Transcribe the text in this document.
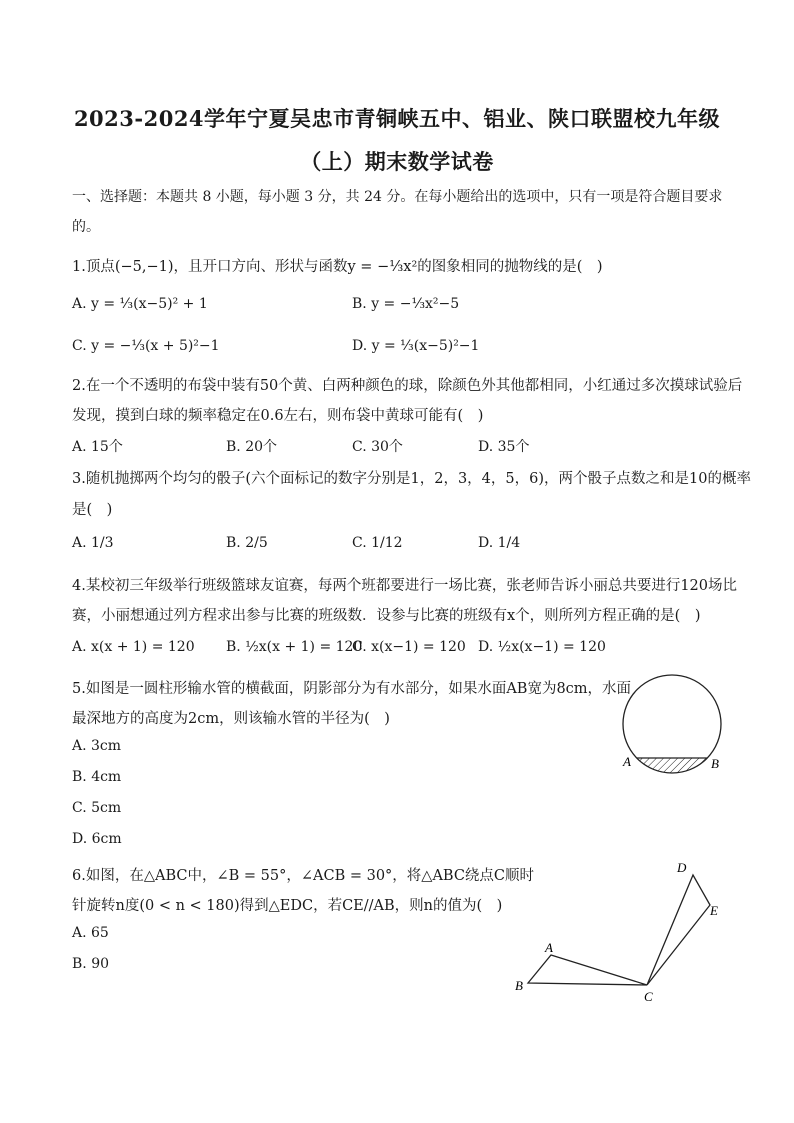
2023-2024学年宁夏吴忠市青铜峡五中、铝业、陕口联盟校九年级
（上）期末数学试卷
一、选择题：本题共 8 小题，每小题 3 分，共 24 分。在每小题给出的选项中，只有一项是符合题目要求
的。
1.顶点(−5,−1)，且开口方向、形状与函数y = −⅓x²的图象相同的抛物线的是(　)
A. y = ⅓(x−5)² + 1	B. y = −⅓x²−5
C. y = −⅓(x + 5)²−1	D. y = ⅓(x−5)²−1
2.在一个不透明的布袋中装有50个黄、白两种颜色的球，除颜色外其他都相同，小红通过多次摸球试验后
发现，摸到白球的频率稳定在0.6左右，则布袋中黄球可能有(　)
A. 15个	B. 20个	C. 30个	D. 35个
3.随机抛掷两个均匀的骰子(六个面标记的数字分别是1，2，3，4，5，6)，两个骰子点数之和是10的概率
是(　)
A. 1/3	B. 2/5	C. 1/12	D. 1/4
4.某校初三年级举行班级篮球友谊赛，每两个班都要进行一场比赛，张老师告诉小丽总共要进行120场比
赛，小丽想通过列方程求出参与比赛的班级数．设参与比赛的班级有x个，则所列方程正确的是(　)
A. x(x + 1) = 120 B. ½x(x + 1) = 120
C. x(x−1) = 120 D. ½x(x−1) = 120
5.如图是一圆柱形输水管的横截面，阴影部分为有水部分，如果水面AB宽为8cm，水面
最深地方的高度为2cm，则该输水管的半径为(　)
A. 3cm
B. 4cm
C. 5cm
D. 6cm
A	B
6.如图，在△ABC中，∠B = 55°，∠ACB = 30°，将△ABC绕点C顺时
针旋转n度(0 < n < 180)得到△EDC，若CE//AB，则n的值为(　)
A. 65
B. 90
A
B
C
D
E
